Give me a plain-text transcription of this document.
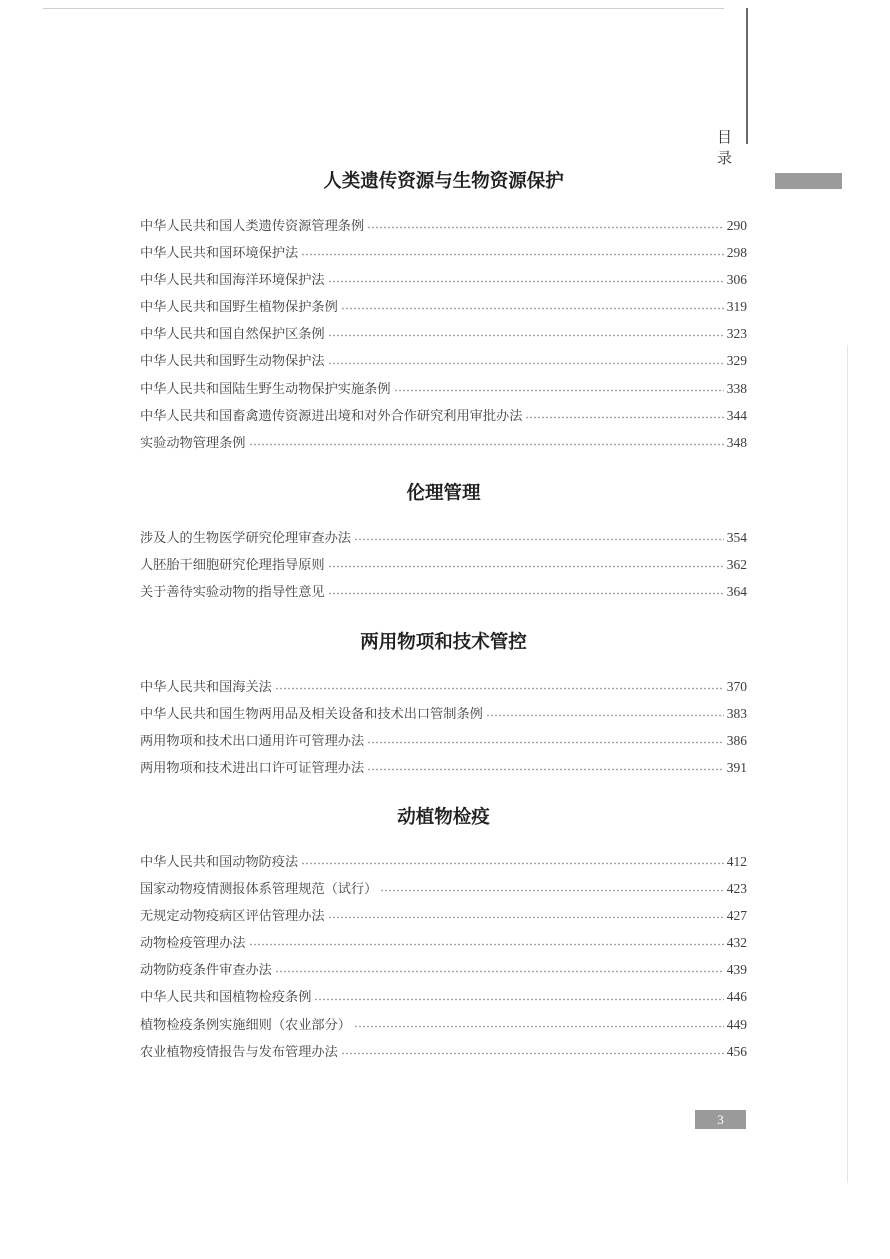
目 录
人类遗传资源与生物资源保护
中华人民共和国人类遗传资源管理条例	290
中华人民共和国环境保护法	298
中华人民共和国海洋环境保护法	306
中华人民共和国野生植物保护条例	319
中华人民共和国自然保护区条例	323
中华人民共和国野生动物保护法	329
中华人民共和国陆生野生动物保护实施条例	338
中华人民共和国畜禽遗传资源进出境和对外合作研究利用审批办法	344
实验动物管理条例	348
伦理管理
涉及人的生物医学研究伦理审查办法	354
人胚胎干细胞研究伦理指导原则	362
关于善待实验动物的指导性意见	364
两用物项和技术管控
中华人民共和国海关法	370
中华人民共和国生物两用品及相关设备和技术出口管制条例	383
两用物项和技术出口通用许可管理办法	386
两用物项和技术进出口许可证管理办法	391
动植物检疫
中华人民共和国动物防疫法	412
国家动物疫情测报体系管理规范（试行）	423
无规定动物疫病区评估管理办法	427
动物检疫管理办法	432
动物防疫条件审查办法	439
中华人民共和国植物检疫条例	446
植物检疫条例实施细则（农业部分）	449
农业植物疫情报告与发布管理办法	456
3
